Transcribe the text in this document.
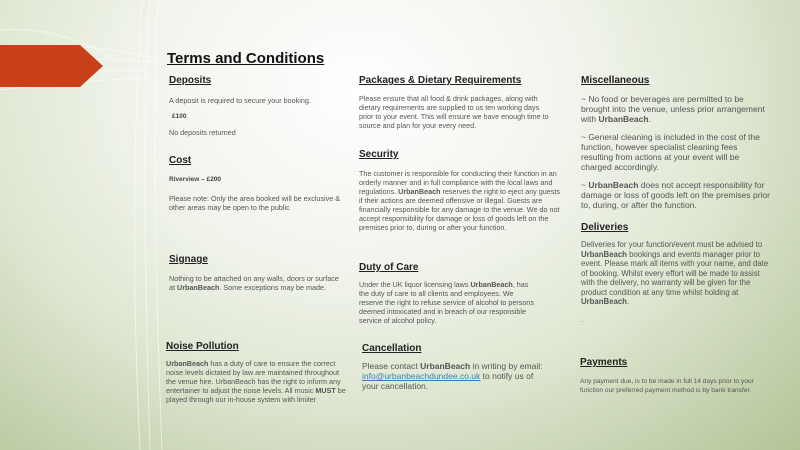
Terms and Conditions
Deposits
A deposit is required to secure your booking.
£100
No deposits returned
Cost
Riverview – £200
Please note: Only the area booked will be exclusive & other areas may be open to the public
Signage
Nothing to be attached on any walls, doors or surface at UrbanBeach. Some exceptions may be made.
Noise Pollution
UrbanBeach has a duty of care to ensure the correct noise levels dictated by law are maintained throughout the venue hire. UrbanBeach has the right to inform any entertainer to adjust the noise levels. All music MUST be played through our in-house system with limiter
Packages & Dietary Requirements
Please ensure that all food & drink packages, along with dietary requirements are supplied to us ten working days prior to your event. This will ensure we have enough time to source and plan for your every need.
Security
The customer is responsible for conducting their function in an orderly manner and in full compliance with the local laws and regulations. UrbanBeach reserves the right to eject any guests if their actions are deemed offensive or illegal. Guests are financially responsible for any damage to the venue. We do not accept responsibility for damage or loss of goods left on the premises prior to, during or after your function.
Duty of Care
Under the UK liquor licensing laws UrbanBeach, has the duty of care to all clients and employees. We reserve the right to refuse service of alcohol to persons deemed intoxicated and in breach of our responsible service of alcohol policy.
Cancellation
Please contact UrbanBeach in writing by email:
info@urbanbeachdundee.co.uk to notify us of your cancellation.
Miscellaneous
~ No food or beverages are permitted to be brought into the venue, unless prior arrangement with UrbanBeach.
~ General cleaning is included in the cost of the function, however specialist cleaning fees resulting from actions at your event will be charged accordingly.
~ UrbanBeach does not accept responsibility for damage or loss of goods left on the premises prior to, during, or after the function.
Deliveries
Deliveries for your function/event must be advised to UrbanBeach bookings and events manager prior to event. Please mark all items with your name, and date of booking. Whilst every effort will be made to assist with the delivery, no warranty will be given for the product condition at any time whilst holding at UrbanBeach.
.
Payments
Any payment due, is to be made in full 14 days prior to your function our preferred payment method is by bank transfer.
